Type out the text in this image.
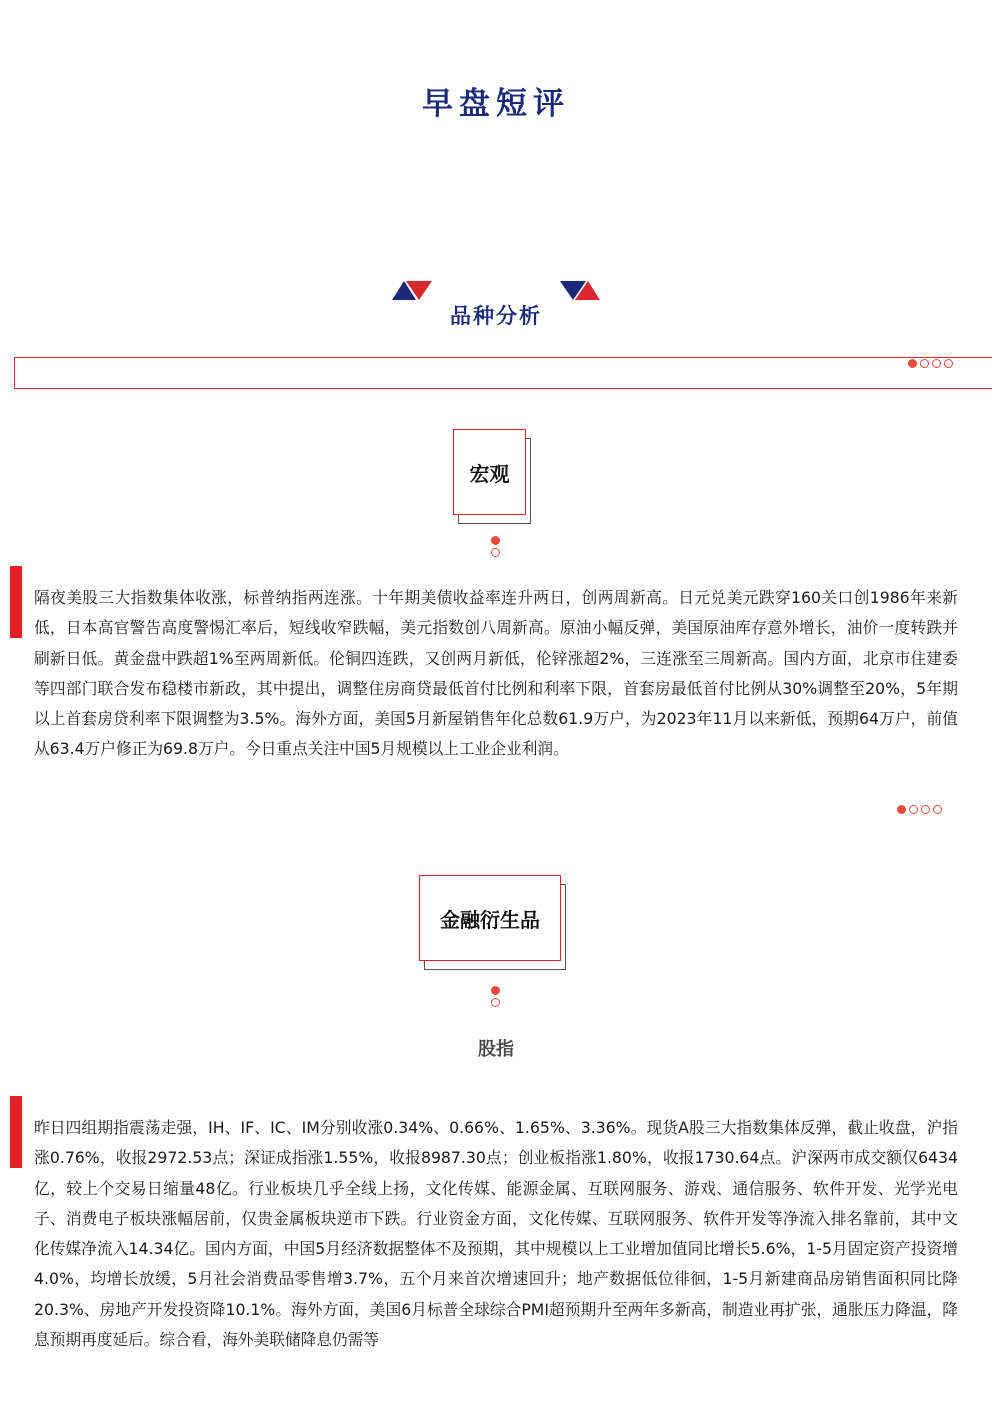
早盘短评
品种分析
宏观

隔夜美股三大指数集体收涨，标普纳指两连涨。十年期美债收益率连升两日，创两周新高。日元兑美元跌穿160关口创1986年来新低，日本高官警告高度警惕汇率后，短线收窄跌幅，美元指数创八周新高。原油小幅反弹，美国原油库存意外增长，油价一度转跌并刷新日低。黄金盘中跌超1%至两周新低。伦铜四连跌，又创两月新低，伦锌涨超2%，三连涨至三周新高。国内方面，北京市住建委等四部门联合发布稳楼市新政，其中提出，调整住房商贷最低首付比例和利率下限，首套房最低首付比例从30%调整至20%，5年期以上首套房贷利率下限调整为3.5%。海外方面，美国5月新屋销售年化总数61.9万户，为2023年11月以来新低，预期64万户，前值从63.4万户修正为69.8万户。今日重点关注中国5月规模以上工业企业利润。

金融衍生品
股指

昨日四组期指震荡走强，IH、IF、IC、IM分别收涨0.34%、0.66%、1.65%、3.36%。现货A股三大指数集体反弹，截止收盘，沪指涨0.76%，收报2972.53点；深证成指涨1.55%，收报8987.30点；创业板指涨1.80%，收报1730.64点。沪深两市成交额仅6434亿，较上个交易日缩量48亿。行业板块几乎全线上扬，文化传媒、能源金属、互联网服务、游戏、通信服务、软件开发、光学光电子、消费电子板块涨幅居前，仅贵金属板块逆市下跌。行业资金方面，文化传媒、互联网服务、软件开发等净流入排名靠前，其中文化传媒净流入14.34亿。国内方面，中国5月经济数据整体不及预期，其中规模以上工业增加值同比增长5.6%，1-5月固定资产投资增4.0%，均增长放缓，5月社会消费品零售增3.7%，五个月来首次增速回升；地产数据低位徘徊，1-5月新建商品房销售面积同比降20.3%、房地产开发投资降10.1%。海外方面，美国6月标普全球综合PMI超预期升至两年多新高，制造业再扩张，通胀压力降温，降息预期再度延后。综合看，海外美联储降息仍需等
